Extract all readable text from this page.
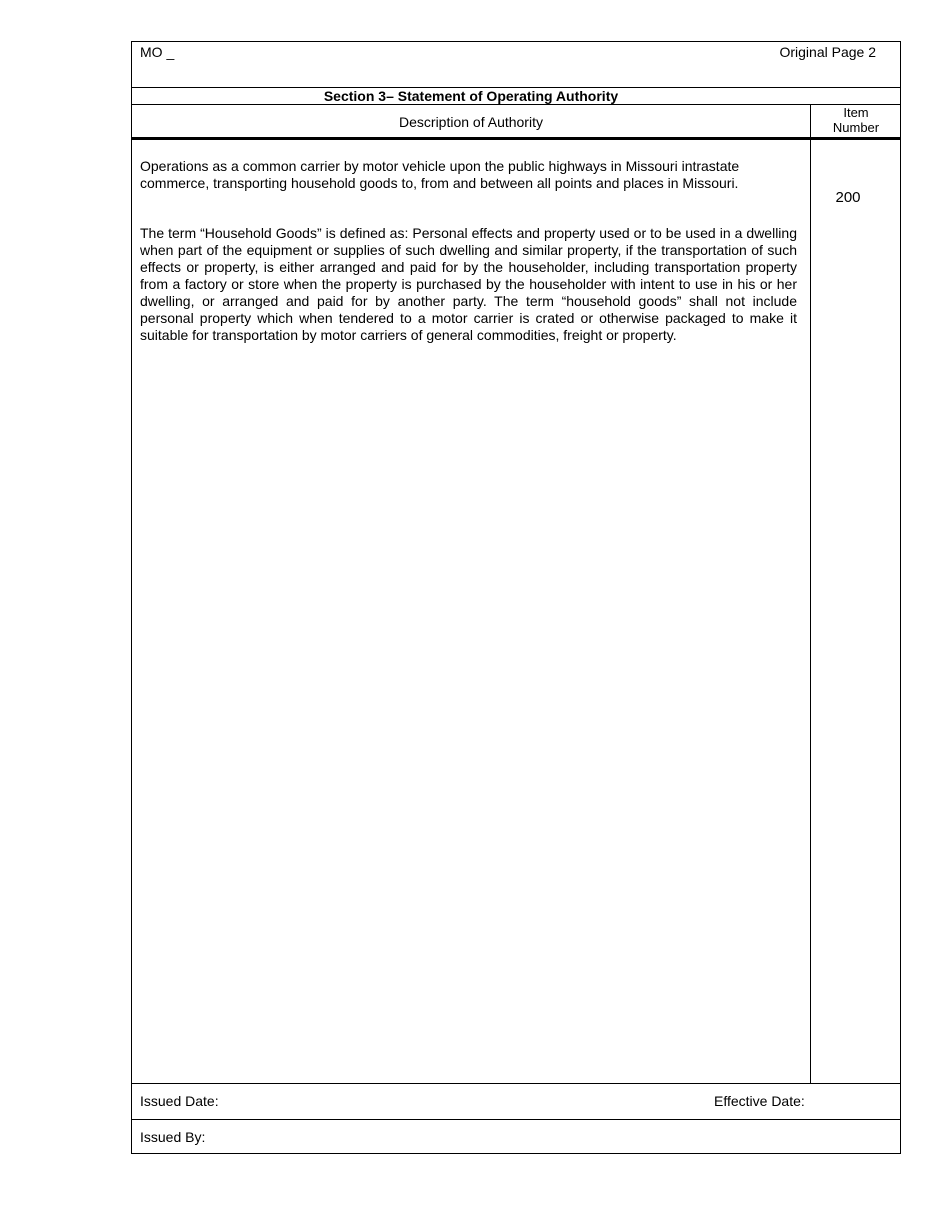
MO _	Original Page 2
Section 3– Statement of Operating Authority
Description of Authority
Item
Number
Operations as a common carrier by motor vehicle upon the public highways in Missouri intrastate commerce, transporting household goods to, from and between all points and places in Missouri.
200
The term “Household Goods” is defined as: Personal effects and property used or to be used in a dwelling when part of the equipment or supplies of such dwelling and similar property, if the transportation of such effects or property, is either arranged and paid for by the householder, including transportation property from a factory or store when the property is purchased by the householder with intent to use in his or her dwelling, or arranged and paid for by another party. The term “household goods” shall not include personal property which when tendered to a motor carrier is crated or otherwise packaged to make it suitable for transportation by motor carriers of general commodities, freight or property.
Issued Date:	Effective Date:
Issued By:
